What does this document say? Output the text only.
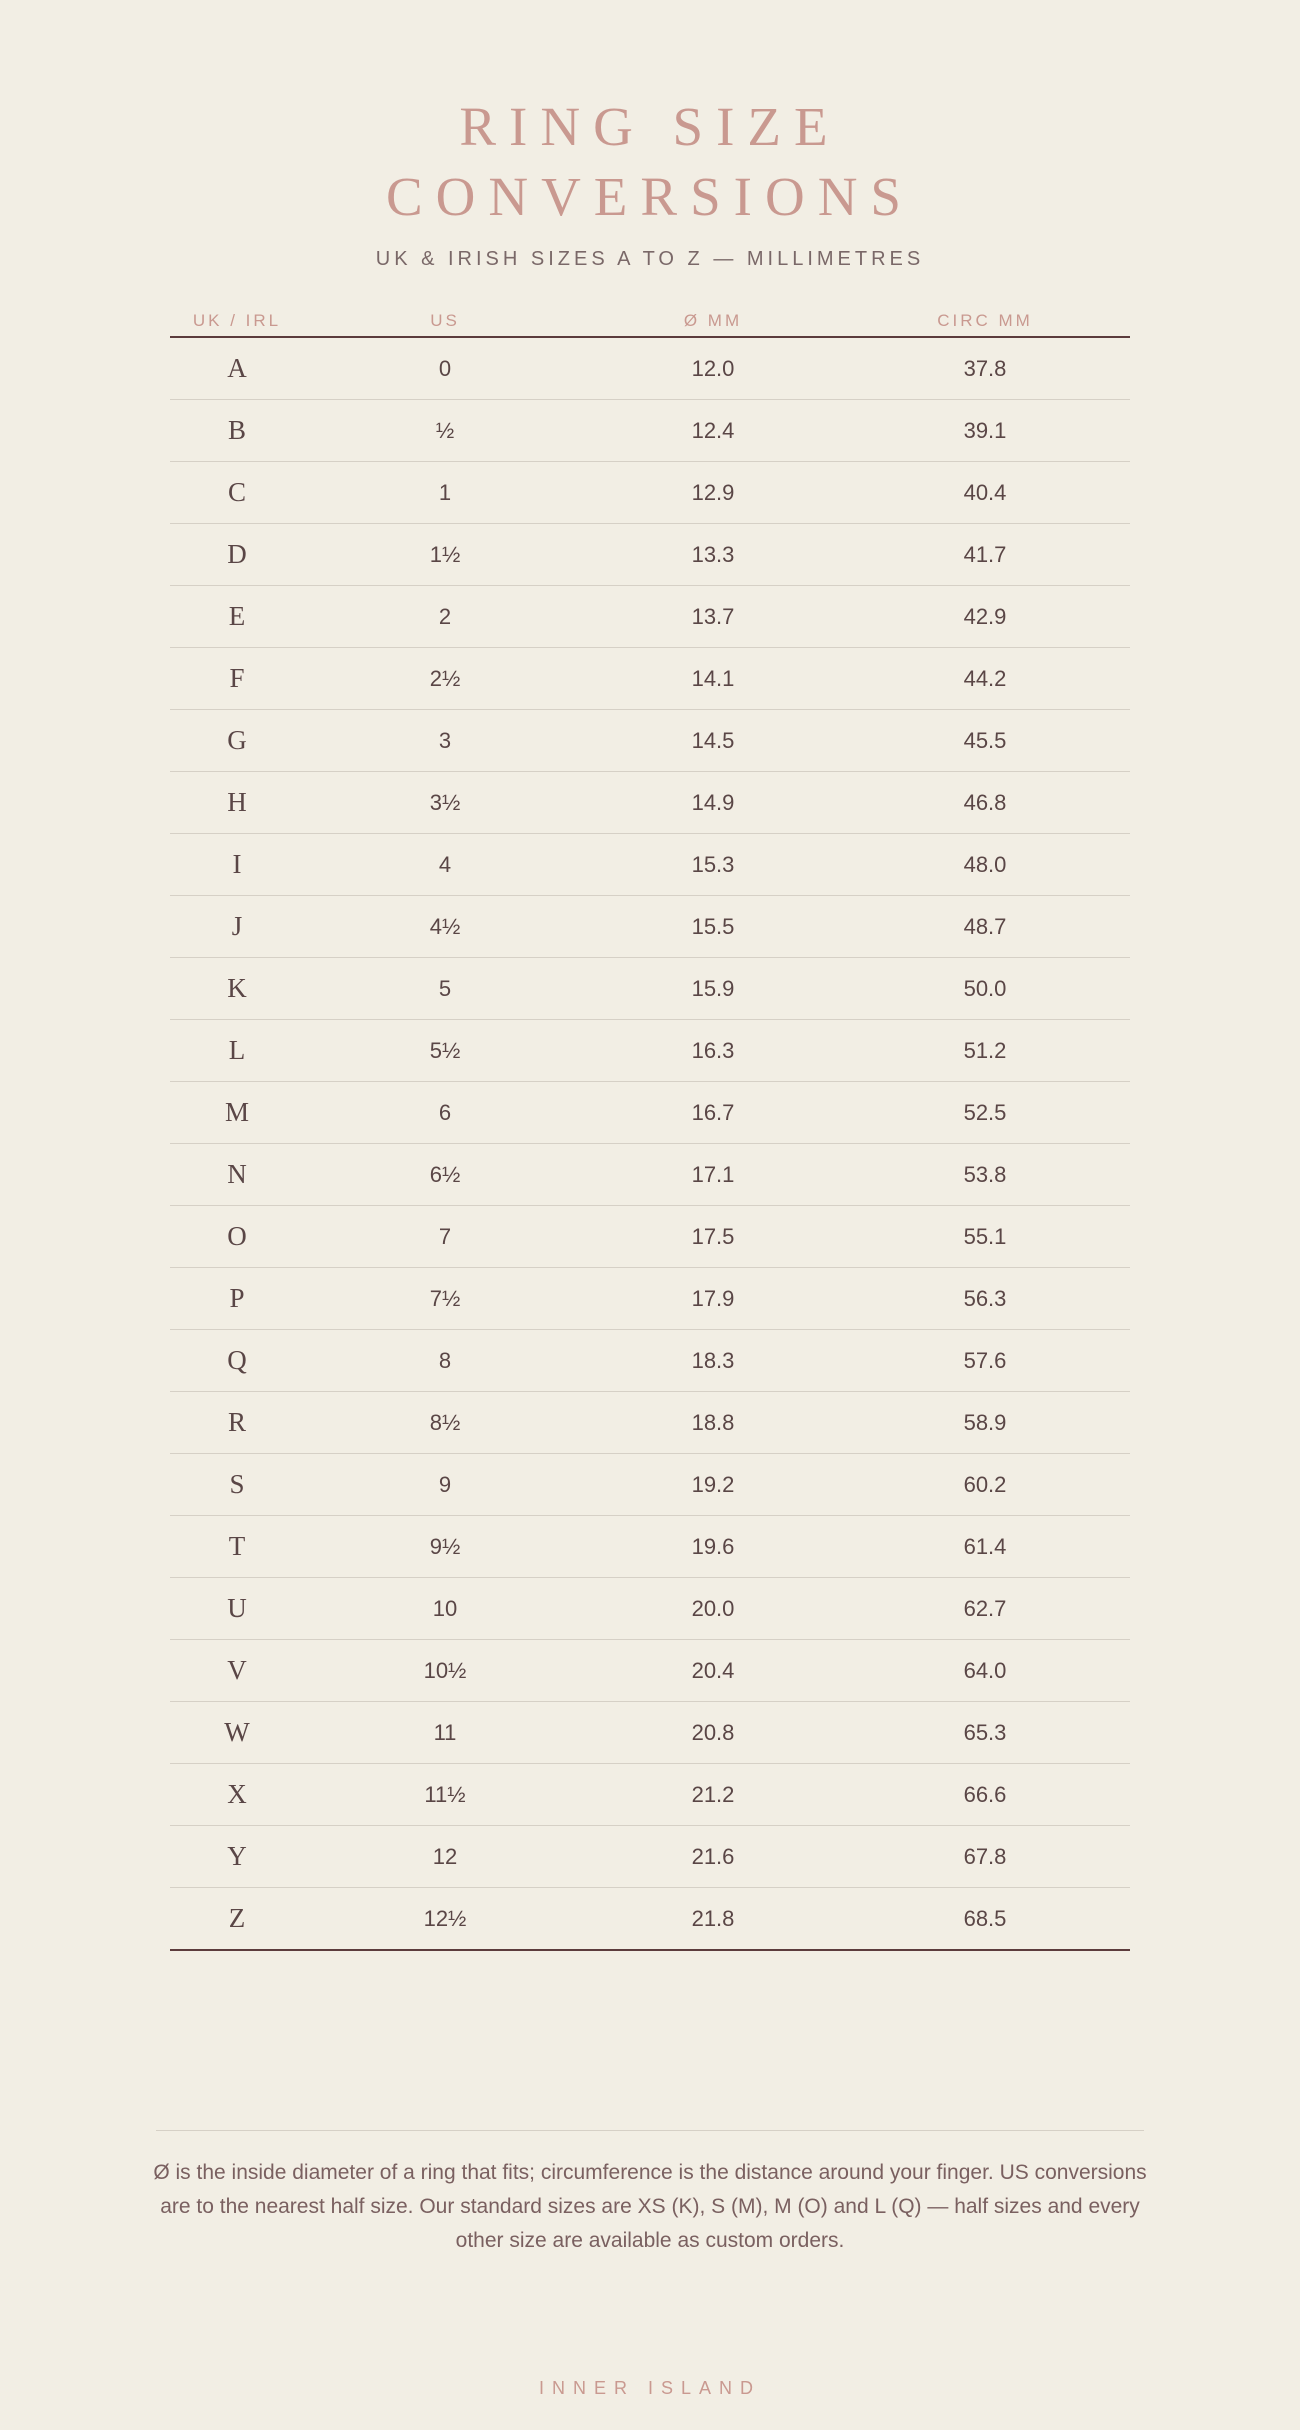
RING SIZE
CONVERSIONS
UK & IRISH SIZES A TO Z — MILLIMETRES
UK / IRL	US	Ø MM	CIRC MM
A	0	12.0	37.8
B	½	12.4	39.1
C	1	12.9	40.4
D	1½	13.3	41.7
E	2	13.7	42.9
F	2½	14.1	44.2
G	3	14.5	45.5
H	3½	14.9	46.8
I	4	15.3	48.0
J	4½	15.5	48.7
K	5	15.9	50.0
L	5½	16.3	51.2
M	6	16.7	52.5
N	6½	17.1	53.8
O	7	17.5	55.1
P	7½	17.9	56.3
Q	8	18.3	57.6
R	8½	18.8	58.9
S	9	19.2	60.2
T	9½	19.6	61.4
U	10	20.0	62.7
V	10½	20.4	64.0
W	11	20.8	65.3
X	11½	21.2	66.6
Y	12	21.6	67.8
Z	12½	21.8	68.5
Ø is the inside diameter of a ring that fits; circumference is the distance around your finger. US conversions are to the nearest half size. Our standard sizes are XS (K), S (M), M (O) and L (Q) — half sizes and every other size are available as custom orders.
INNER ISLAND
